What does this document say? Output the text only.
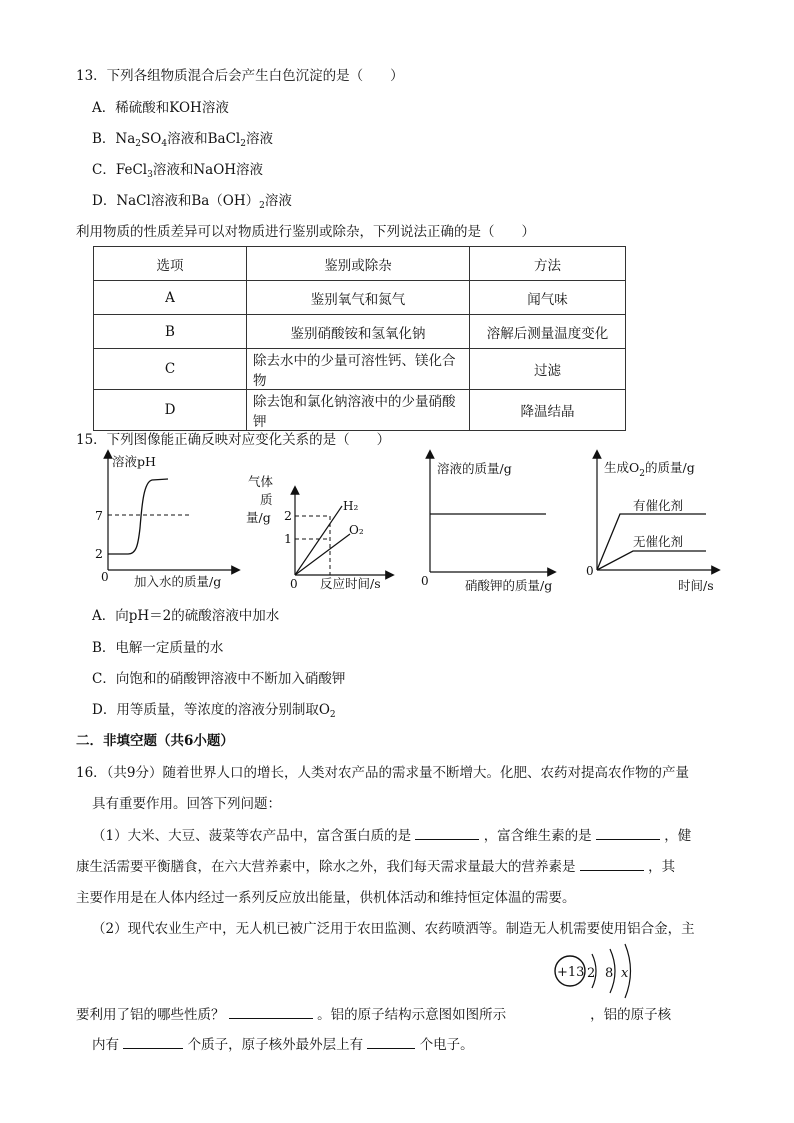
13．下列各组物质混合后会产生白色沉淀的是（　　）
A．稀硫酸和KOH溶液
B．$Na_2SO_4$溶液和BaCl$_2$溶液
C．FeCl$_3$溶液和NaOH溶液
D．NaCl溶液和$Ba(OH)_2$溶液
利用物质的性质差异可以对物质进行鉴别或除杂，下列说法正确的是（　　）
选项	鉴别或除杂	方法
A	鉴别氧气和氮气	闻气味
B	鉴别硝酸铵和氢氧化钠	溶解后测量温度变化
C	除去水中的少量可溶性钙、镁化合物	过滤
D	除去饱和氯化钠溶液中的少量硝酸钾	降温结晶
15．下列图像能正确反映对应变化关系的是（　　）
溶液pH
加入水的质量/g
7
2
0
气体
质
量/g 2
1
0 反应时间/s
H₂
O₂
溶液的质量/g
硝酸钾的质量/g
0
生成$O_2$的质量/g
0
时间/s
有催化剂
无催化剂
A．向pH＝2的硫酸溶液中加水
B．电解一定质量的水
C．向饱和的硝酸钾溶液中不断加入硝酸钾
D．用等质量，等浓度的溶液分别制取$O_2$
二．非填空题（共6小题）
16．（共9分）随着世界人口的增长，人类对农产品的需求量不断增大。化肥、农药对提高农作物的产量
具有重要作用。回答下列问题：
（1）大米、大豆、菠菜等农产品中，富含蛋白质的是	，富含维生素的是	，健
康生活需要平衡膳食，在六大营养素中，除水之外，我们每天需求量最大的营养素是	，其
主要作用是在人体内经过一系列反应放出能量，供机体活动和维持恒定体温的需要。
（2）现代农业生产中，无人机已被广泛用于农田监测、农药喷洒等。制造无人机需要使用铝合金，主
+13 2 8 x
要利用了铝的哪些性质？	。铝的原子结构示意图如图所示	，铝的原子核
内有	个质子，原子核外最外层上有	个电子。
